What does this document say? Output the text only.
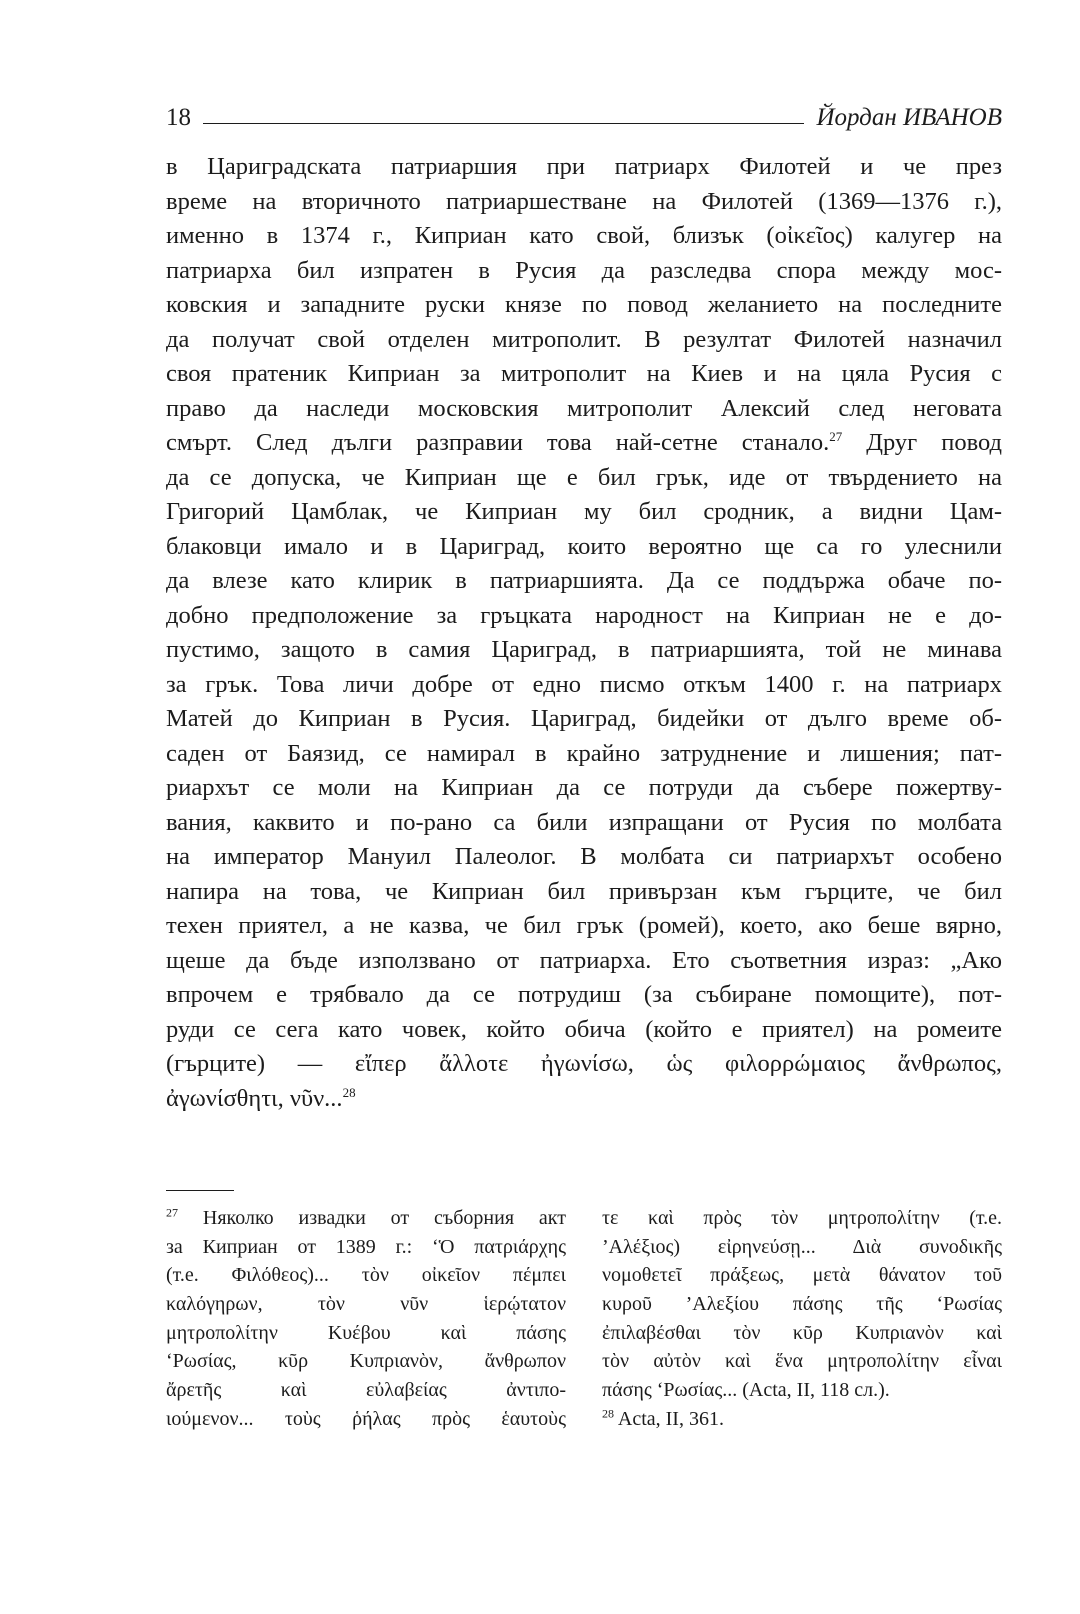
18	Йордан ИВАНОВ
в Цариградската патриаршия при патриарх Филотей и че през
време на вторичното патриаршестване на Филотей (1369—1376 г.),
именно в 1374 г., Киприан като свой, близък (οἰκεῖος) калугер на
патриарха бил изпратен в Русия да разследва спора между мос-
ковския и западните руски князе по повод желанието на последните
да получат свой отделен митрополит. В резултат Филотей назначил
своя пратеник Киприан за митрополит на Киев и на цяла Русия с
право да наследи московския митрополит Алексий след неговата
смърт. След дълги разправии това най-сетне станало.$^{27}$ Друг повод
да се допуска, че Киприан ще е бил грък, иде от твърдението на
Григорий Цамблак, че Киприан му бил сродник, а видни Цам-
блаковци имало и в Цариград, които вероятно ще са го улеснили
да влезе като клирик в патриаршията. Да се поддържа обаче по-
добно предположение за гръцката народност на Киприан не е до-
пустимо, защото в самия Цариград, в патриаршията, той не минава
за грък. Това личи добре от едно писмо откъм 1400 г. на патриарх
Матей до Киприан в Русия. Цариград, бидейки от дълго време об-
саден от Баязид, се намирал в крайно затруднение и лишения; пат-
риархът се моли на Киприан да се потруди да събере пожертву-
вания, каквито и по-рано са били изпращани от Русия по молбата
на император Мануил Палеолог. В молбата си патриархът особено
напира на това, че Киприан бил привързан към гърците, че бил
техен приятел, а не казва, че бил грък (ромей), което, ако беше вярно,
щеше да бъде използвано от патриарха. Ето съответния израз: „Ако
впрочем е трябвало да се потрудиш (за събиране помощите), пот-
руди се сега като човек, който обича (който е приятел) на ромеите
(гърците) — εἴπερ ἄλλοτε ἠγωνίσω, ὡς φιλορρώμαιος ἄνθρωπος,
ἀγωνίσθητι, νῦν...$^{28}$
$^{27}$ Няколко извадки от съборния акт
за Киприан от 1389 г.: ‘Ὁ πατριάρχης
(т.е. Φιλόθεος)... τὸν οἰκεῖον πέμπει
καλόγηρων, τὸν νῦν ἱερῴτατον
μητροπολίτην Κυέβου καὶ πάσης
‘Ρωσίας, κῦρ Κυπριανὸν, ἄνθρωπον
ἄρετῆς καὶ εὐλαβείας ἀντιπο-
ιούμενον... τοὺς ῥήλας πρὸς ἑαυτοὺς
τε καὶ πρὸς τὸν μητροπολίτην (т.е.
’Αλέξιος) εἰρηνεύσῃ... Διὰ συνοδικῆς
νομοθετεῖ πράξεως, μετὰ θάνατον τοῦ
κυροῦ ’Αλεξίου πάσης τῆς ‘Ρωσίας
ἐπιλαβέσθαι τὸν κῦρ Κυπριανὸν καὶ
τὸν αὐτὸν καὶ ἕνα μητροπολίτην εἶναι
πάσης ‘Ρωσίας... (Acta, II, 118 сл.).
$^{28}$ Acta, II, 361.
